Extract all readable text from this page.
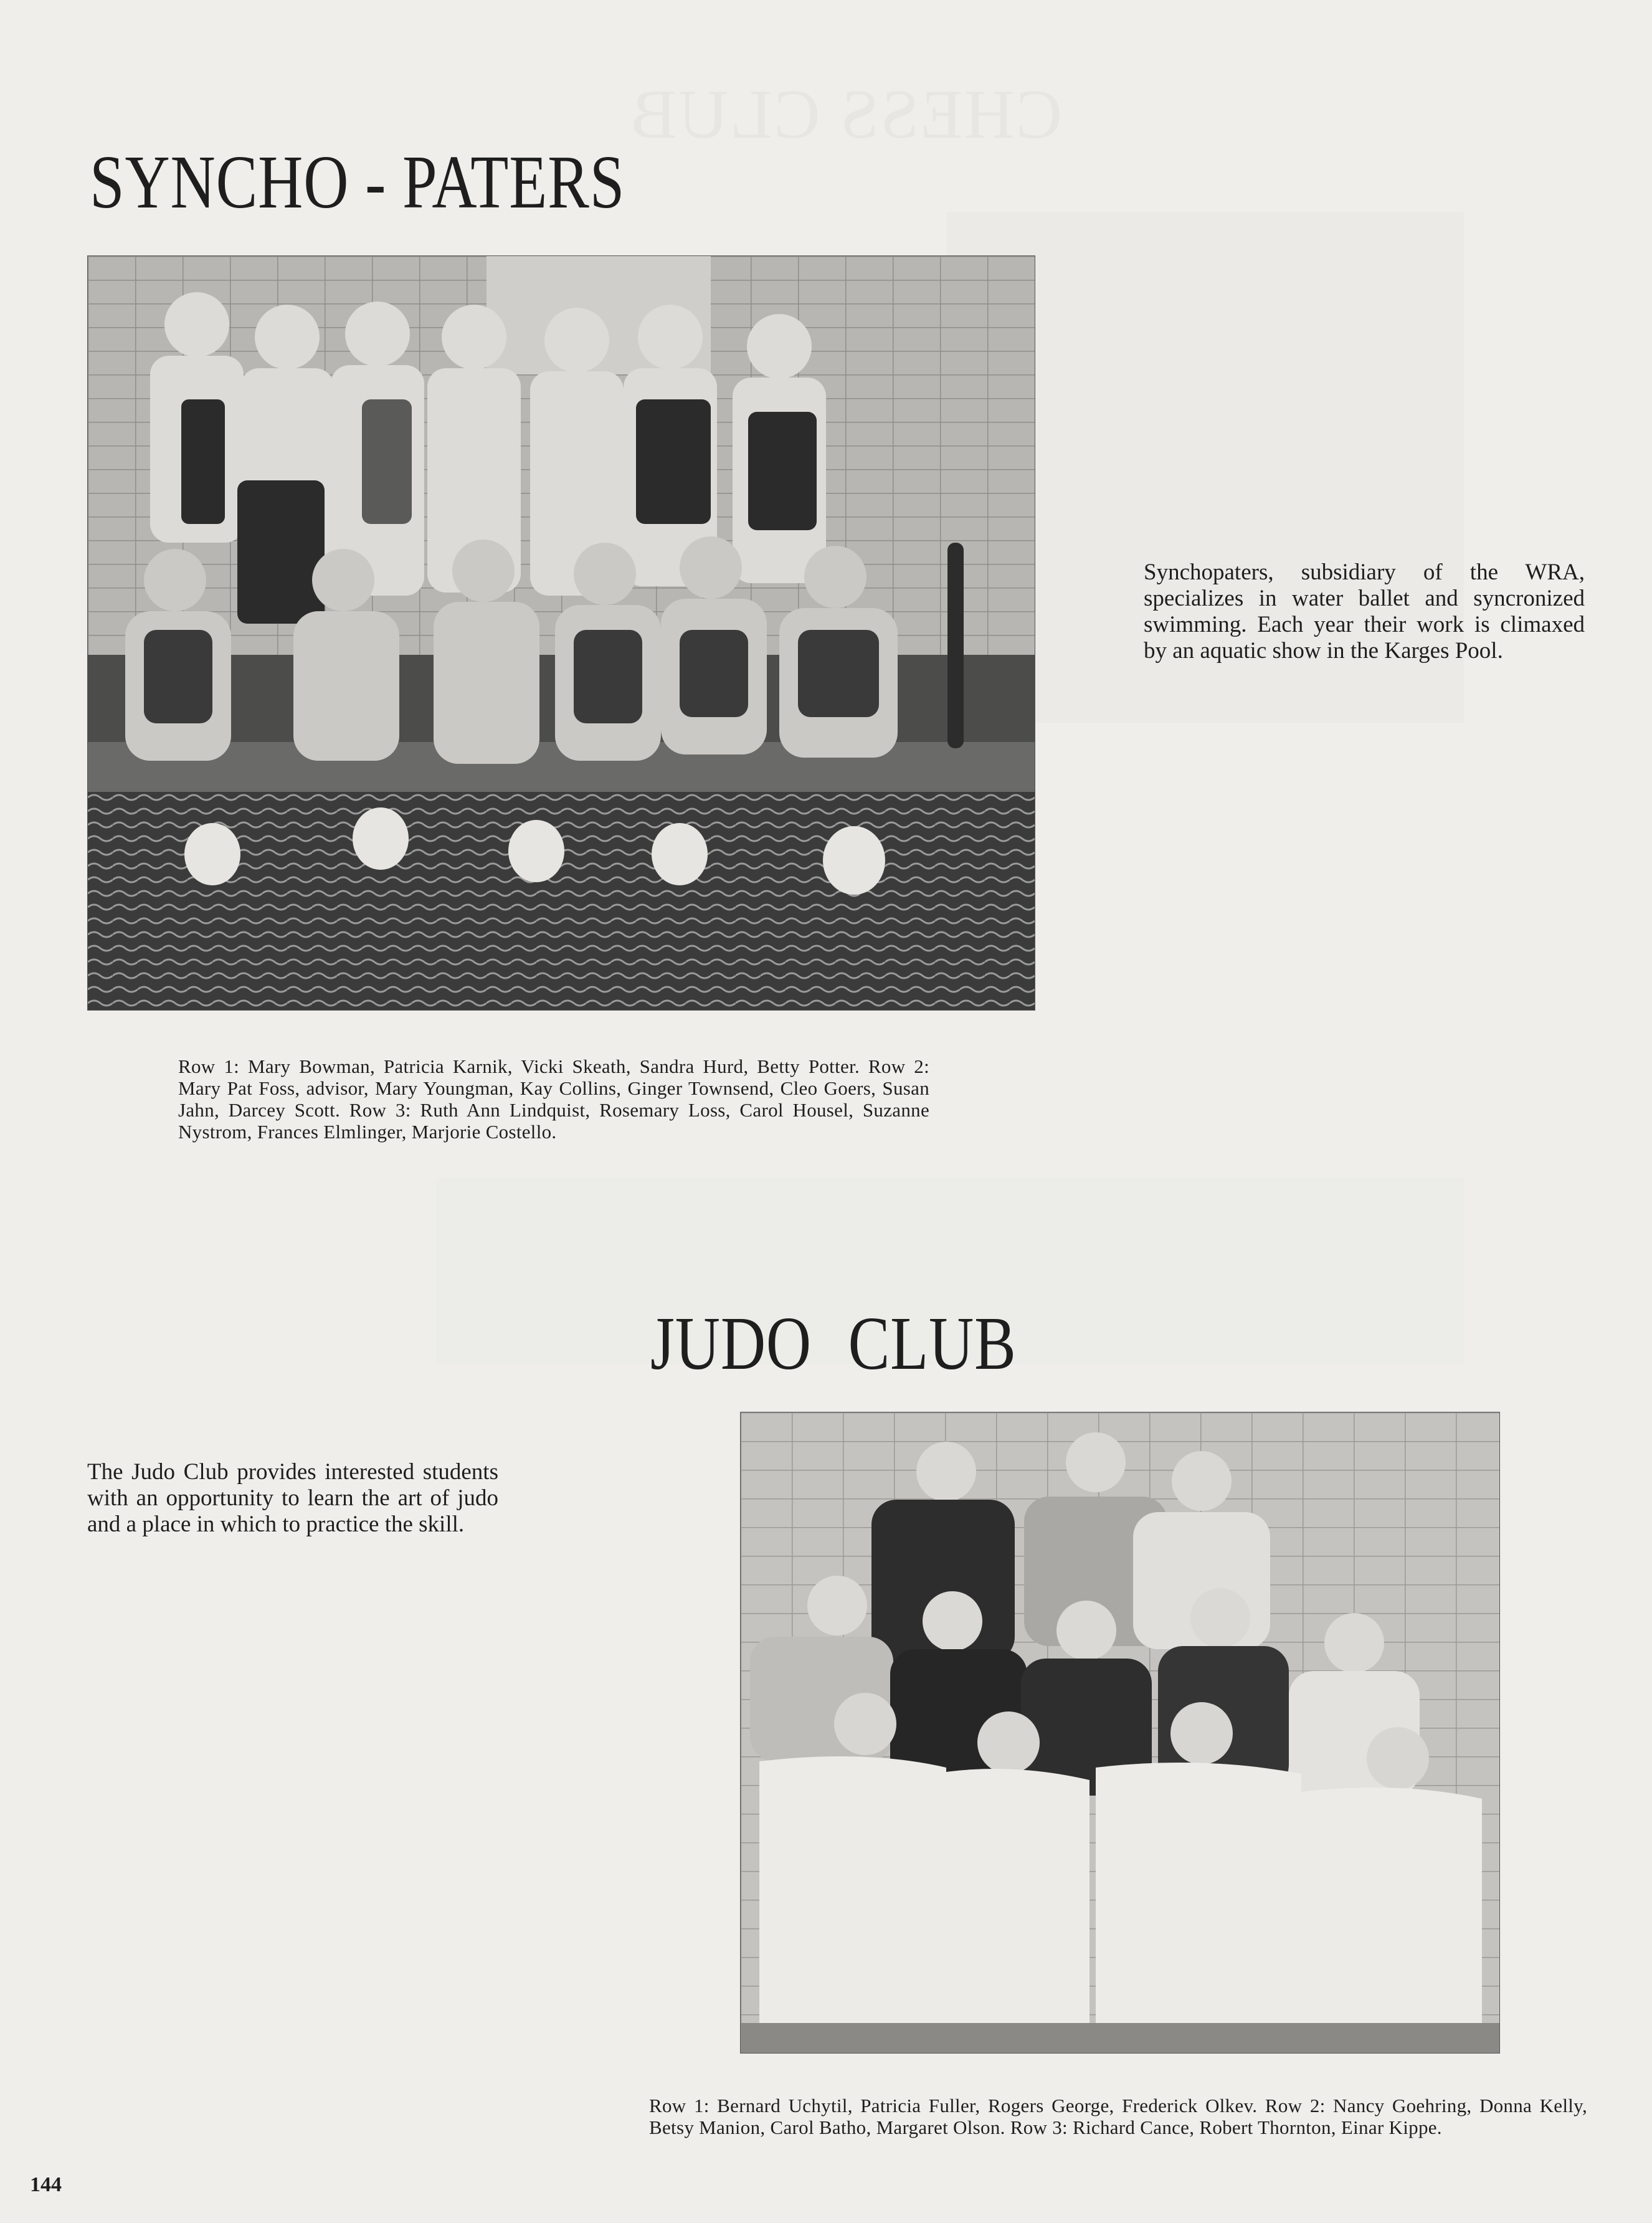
CHESS CLUB
SYNCHO - PATERS
Synchopaters, subsidiary of the WRA, specializes in water ballet and syncronized swimming. Each year their work is climaxed by an aquatic show in the Karges Pool.
Row 1: Mary Bowman, Patricia Karnik, Vicki Skeath, Sandra Hurd, Betty Potter. Row 2: Mary Pat Foss, advisor, Mary Youngman, Kay Collins, Ginger Townsend, Cleo Goers, Susan Jahn, Darcey Scott. Row 3: Ruth Ann Lindquist, Rosemary Loss, Carol Housel, Suzanne Nystrom, Frances Elmlinger, Marjorie Costello.
JUDO CLUB
The Judo Club provides interested students with an opportunity to learn the art of judo and a place in which to practice the skill.
Row 1: Bernard Uchytil, Patricia Fuller, Rogers George, Frederick Olkev. Row 2: Nancy Goehring, Donna Kelly, Betsy Manion, Carol Batho, Margaret Olson. Row 3: Richard Cance, Robert Thornton, Einar Kippe.
144
